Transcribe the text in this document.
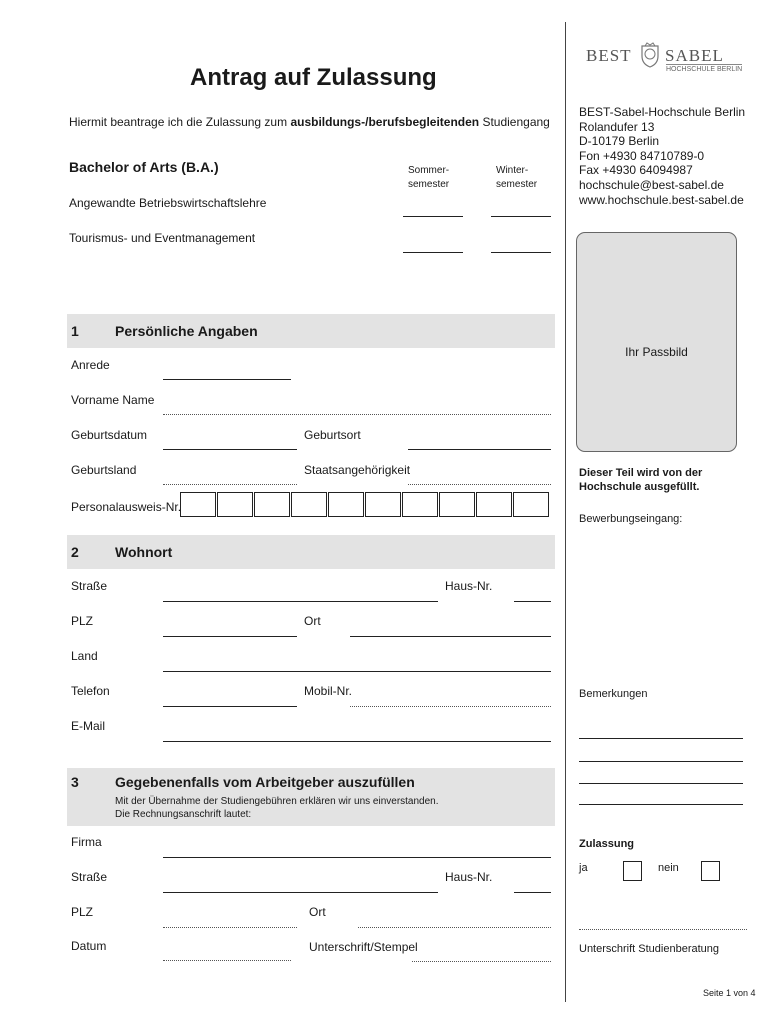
BEST SABEL
HOCHSCHULE BERLIN
Antrag auf Zulassung
Hiermit beantrage ich die Zulassung zum ausbildungs-/berufsbegleitenden Studiengang
Bachelor of Arts (B.A.)	Sommer-
semester
Winter-
semester
Angewandte Betriebswirtschaftslehre
Tourismus- und Eventmanagement
BEST-Sabel-Hochschule Berlin
Rolandufer 13
D-10179 Berlin
Fon +4930 84710789-0
Fax +4930 64094987
hochschule@best-sabel.de
www.hochschule.best-sabel.de
Ihr Passbild
1	Persönliche Angaben
Anrede
Vorname Name
Geburtsdatum	Geburtsort
Geburtsland	Staatsangehörigkeit
Personalausweis-Nr.
2	Wohnort
Straße	Haus-Nr.
PLZ	Ort
Land
Telefon	Mobil-Nr.
E-Mail
3	Gegebenenfalls vom Arbeitgeber auszufüllen
Mit der Übernahme der Studiengebühren erklären wir uns einverstanden.
Die Rechnungsanschrift lautet:
Firma
Straße	Haus-Nr.
PLZ	Ort
Datum	Unterschrift/Stempel
Dieser Teil wird von der
Hochschule ausgefüllt.
Bewerbungseingang:
Bemerkungen
Zulassung
ja	nein
Unterschrift Studienberatung
Seite 1 von 4
